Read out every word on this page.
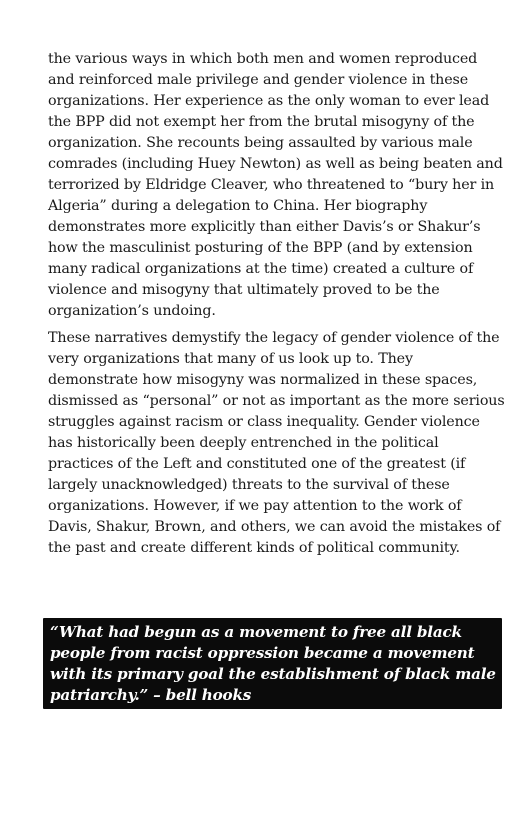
the various ways in which both men and women reproduced and reinforced male privilege and gender violence in these organizations. Her experience as the only woman to ever lead the BPP did not exempt her from the brutal misogyny of the organization. She recounts being assaulted by various male comrades (including Huey Newton) as well as being beaten and terrorized by Eldridge Cleaver, who threatened to “bury her in Algeria” during a delegation to China. Her biography demonstrates more explicitly than either Davis’s or Shakur’s how the masculinist posturing of the BPP (and by extension many radical organizations at the time) created a culture of violence and misogyny that ultimately proved to be the organization’s undoing.

These narratives demystify the legacy of gender violence of the very organizations that many of us look up to. They demonstrate how misogyny was normalized in these spaces, dismissed as “personal” or not as important as the more serious struggles against racism or class inequality. Gender violence has historically been deeply entrenched in the political practices of the Left and constituted one of the greatest (if largely unacknowledged) threats to the survival of these organizations. However, if we pay attention to the work of Davis, Shakur, Brown, and others, we can avoid the mistakes of the past and create different kinds of political community.

“What had begun as a movement to free all black people from racist oppression became a movement with its primary goal the establishment of black male patriarchy.” – bell hooks
